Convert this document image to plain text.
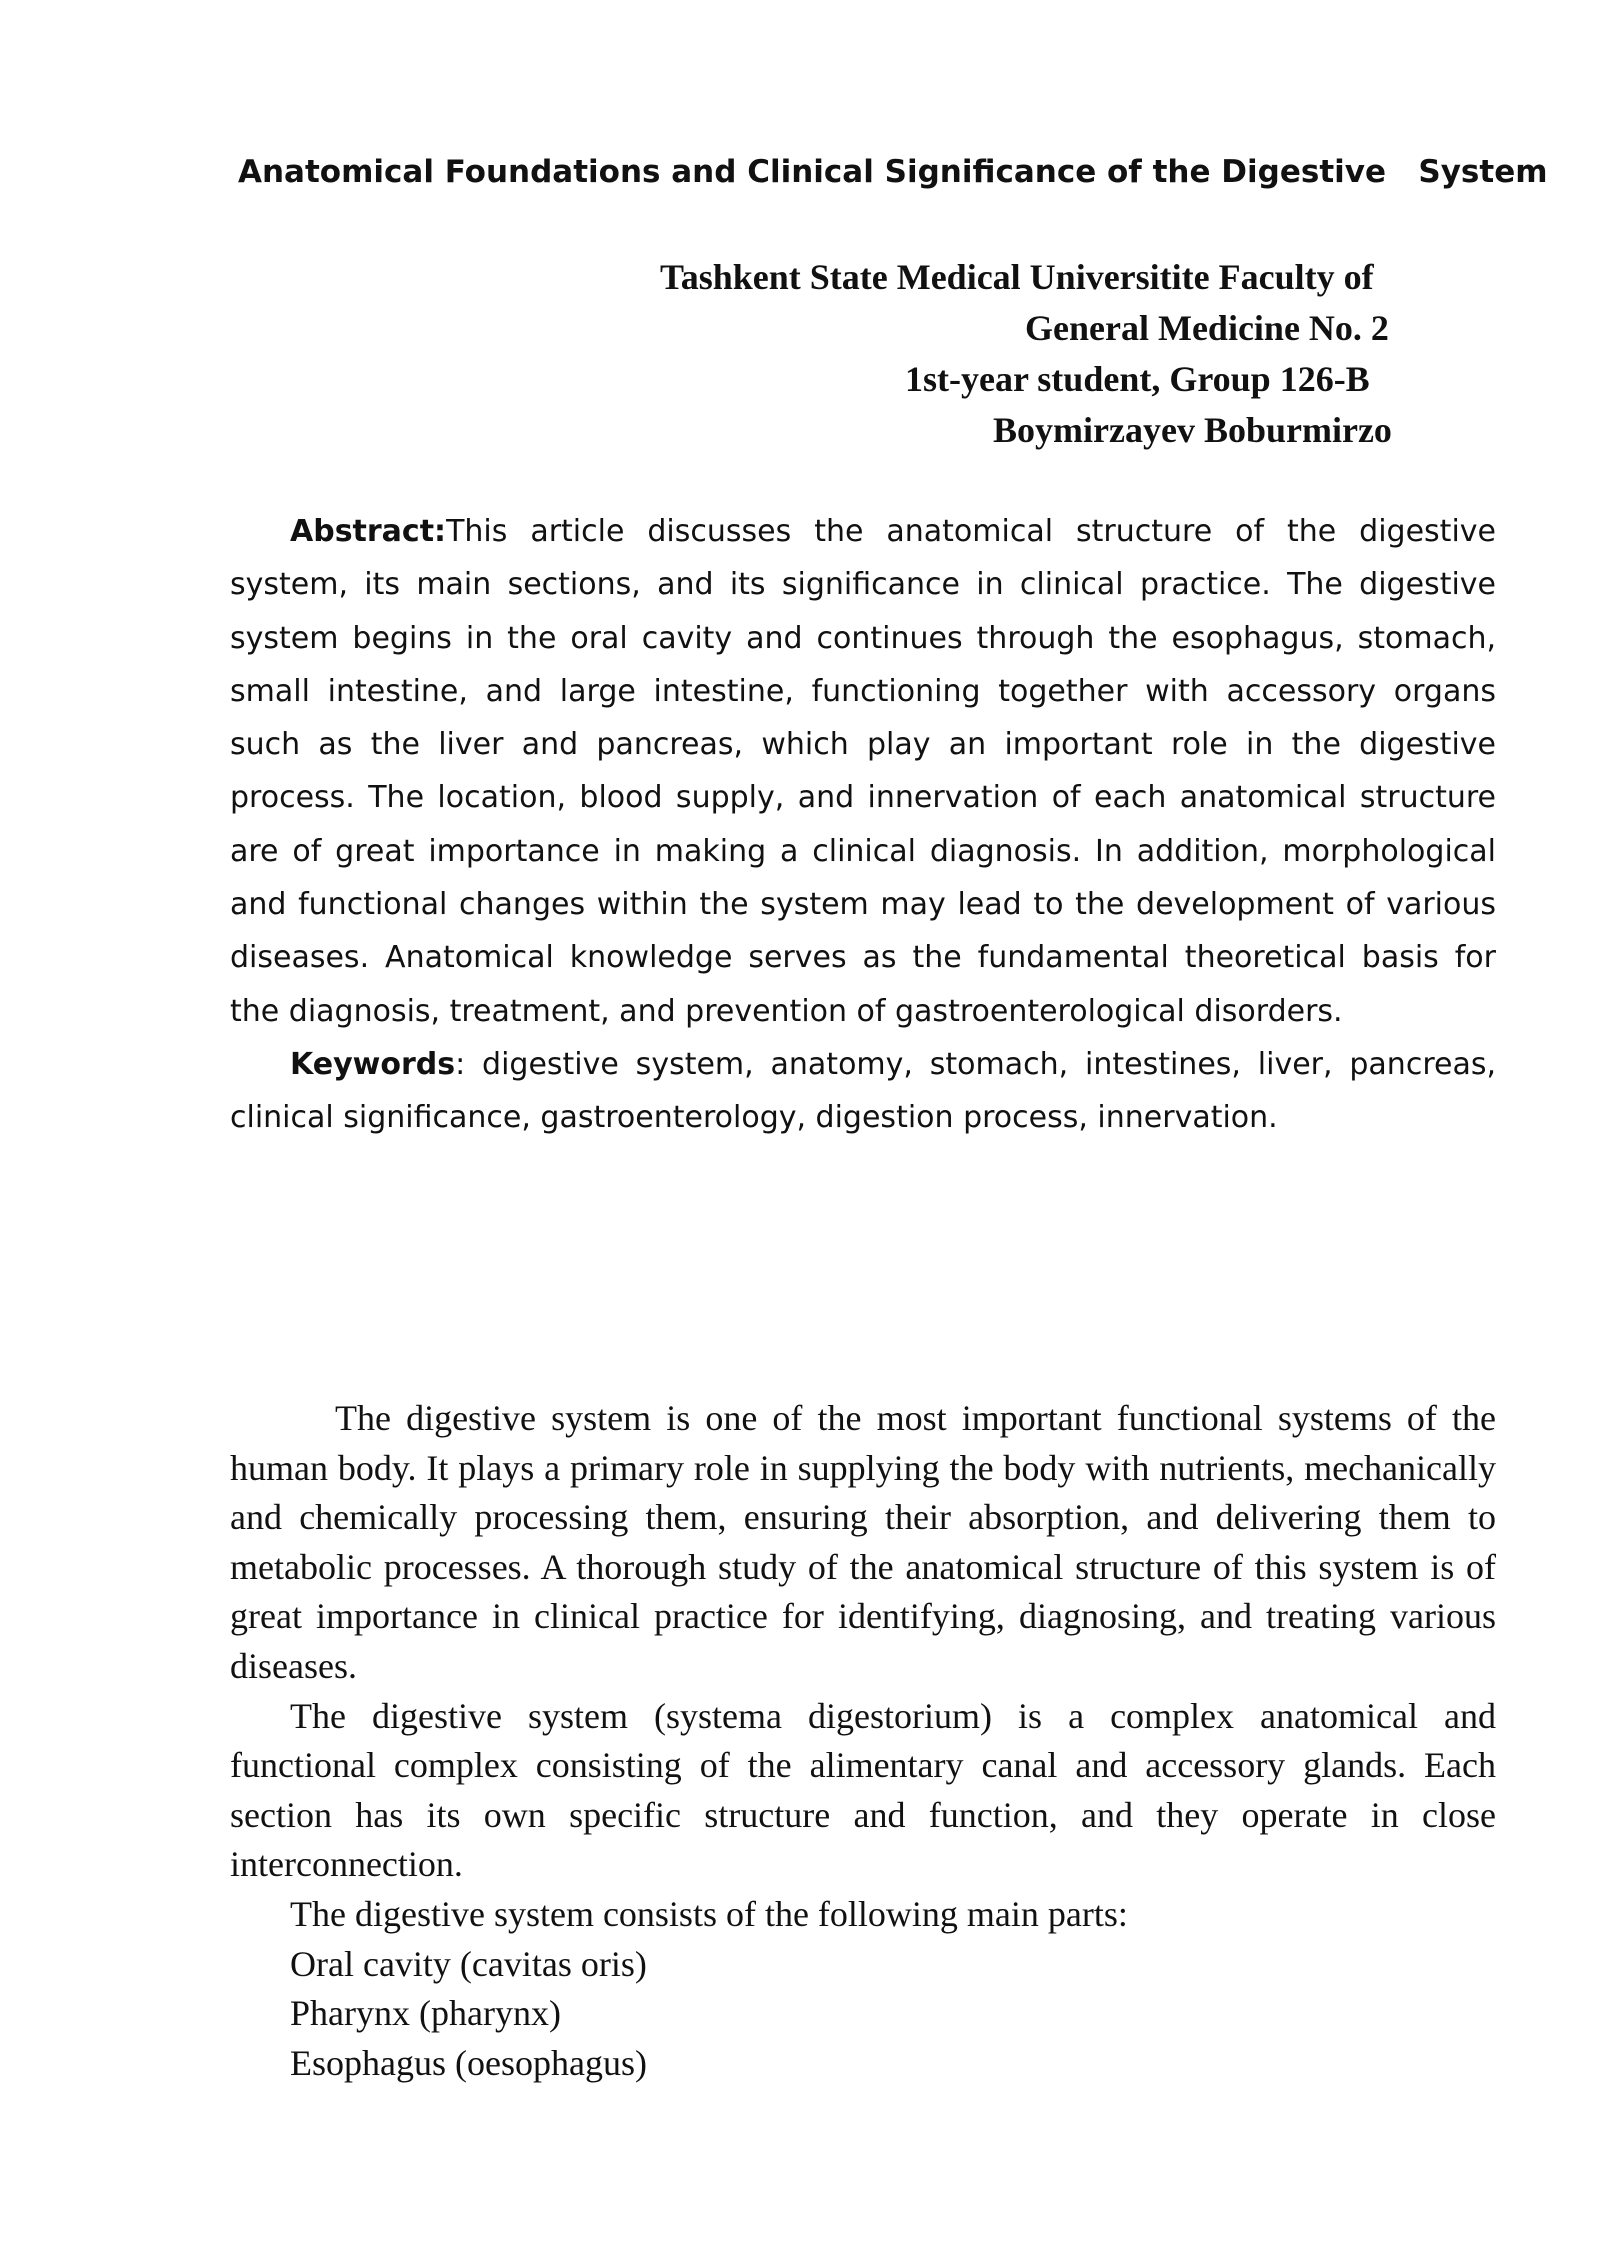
Anatomical Foundations and Clinical Significance of the Digestive System
Tashkent State Medical Universitite Faculty of
General Medicine No. 2
1st-year student, Group 126-B
Boymirzayev Boburmirzo

Abstract:This article discusses the anatomical structure of the digestive system, its main sections, and its significance in clinical practice. The digestive system begins in the oral cavity and continues through the esophagus, stomach, small intestine, and large intestine, functioning together with accessory organs such as the liver and pancreas, which play an important role in the digestive process. The location, blood supply, and innervation of each anatomical structure are of great importance in making a clinical diagnosis. In addition, morphological and functional changes within the system may lead to the development of various diseases. Anatomical knowledge serves as the fundamental theoretical basis for the diagnosis, treatment, and prevention of gastroenterological disorders.

Keywords: digestive system, anatomy, stomach, intestines, liver, pancreas, clinical significance, gastroenterology, digestion process, innervation.

The digestive system is one of the most important functional systems of the human body. It plays a primary role in supplying the body with nutrients, mechanically and chemically processing them, ensuring their absorption, and delivering them to metabolic processes. A thorough study of the anatomical structure of this system is of great importance in clinical practice for identifying, diagnosing, and treating various diseases.

The digestive system (systema digestorium) is a complex anatomical and functional complex consisting of the alimentary canal and accessory glands. Each section has its own specific structure and function, and they operate in close interconnection.

The digestive system consists of the following main parts:

Oral cavity (cavitas oris)

Pharynx (pharynx)

Esophagus (oesophagus)
